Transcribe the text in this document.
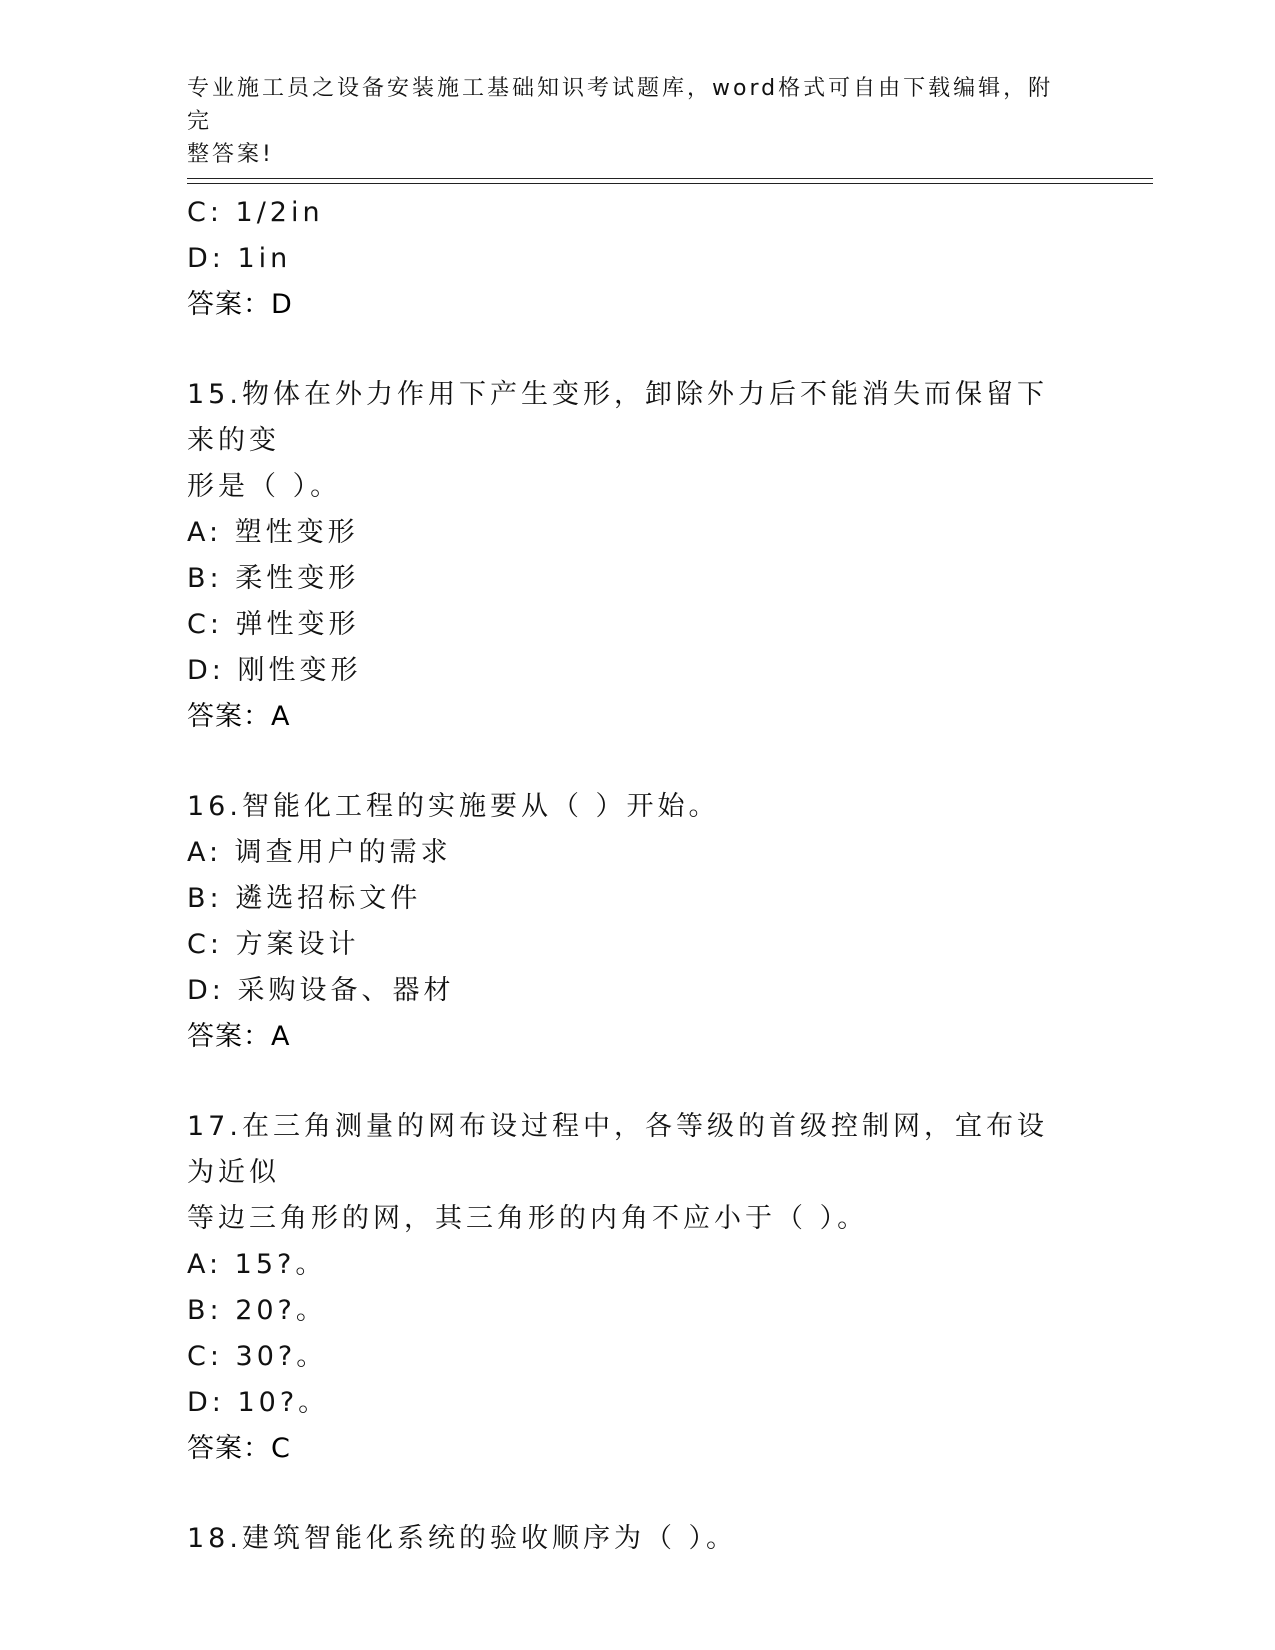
专业施工员之设备安装施工基础知识考试题库，word格式可自由下载编辑，附完
整答案!
C: 1/2in
D: 1in
答案：D
15.物体在外力作用下产生变形，卸除外力后不能消失而保留下来的变
形是（ ）。
A: 塑性变形
B: 柔性变形
C: 弹性变形
D: 刚性变形
答案：A
16.智能化工程的实施要从（ ）开始。
A: 调查用户的需求
B: 遴选招标文件
C: 方案设计
D: 采购设备、器材
答案：A
17.在三角测量的网布设过程中，各等级的首级控制网，宜布设为近似
等边三角形的网，其三角形的内角不应小于（ ）。
A: 15?。
B: 20?。
C: 30?。
D: 10?。
答案：C
18.建筑智能化系统的验收顺序为（ ）。
